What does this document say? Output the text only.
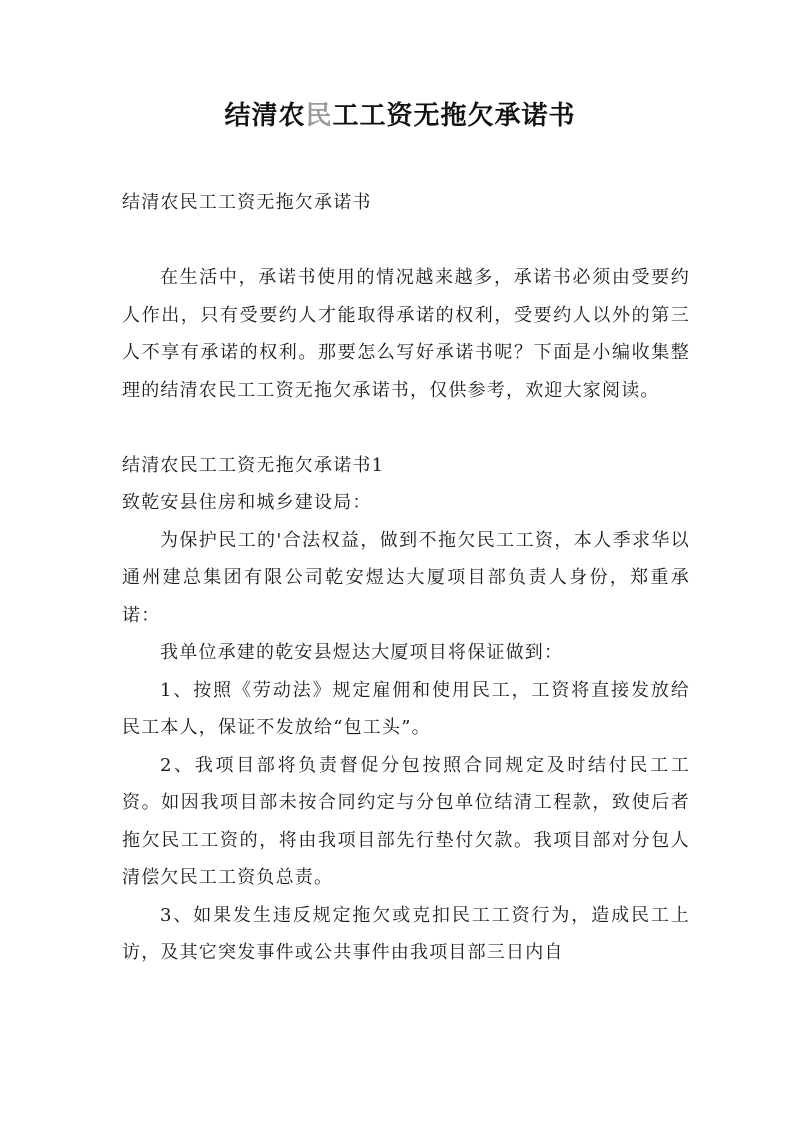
结清农民工工资无拖欠承诺书

结清农民工工资无拖欠承诺书

在生活中，承诺书使用的情况越来越多，承诺书必须由受要约人作出，只有受要约人才能取得承诺的权利，受要约人以外的第三人不享有承诺的权利。那要怎么写好承诺书呢？下面是小编收集整理的结清农民工工资无拖欠承诺书，仅供参考，欢迎大家阅读。

结清农民工工资无拖欠承诺书1

致乾安县住房和城乡建设局：

为保护民工的'合法权益，做到不拖欠民工工资，本人季求华以通州建总集团有限公司乾安煜达大厦项目部负责人身份，郑重承诺：

我单位承建的乾安县煜达大厦项目将保证做到：

1、按照《劳动法》规定雇佣和使用民工，工资将直接发放给民工本人，保证不发放给“包工头”。

2、我项目部将负责督促分包按照合同规定及时结付民工工资。如因我项目部未按合同约定与分包单位结清工程款，致使后者拖欠民工工资的，将由我项目部先行垫付欠款。我项目部对分包人清偿欠民工工资负总责。

3、如果发生违反规定拖欠或克扣民工工资行为，造成民工上访，及其它突发事件或公共事件由我项目部三日内自
